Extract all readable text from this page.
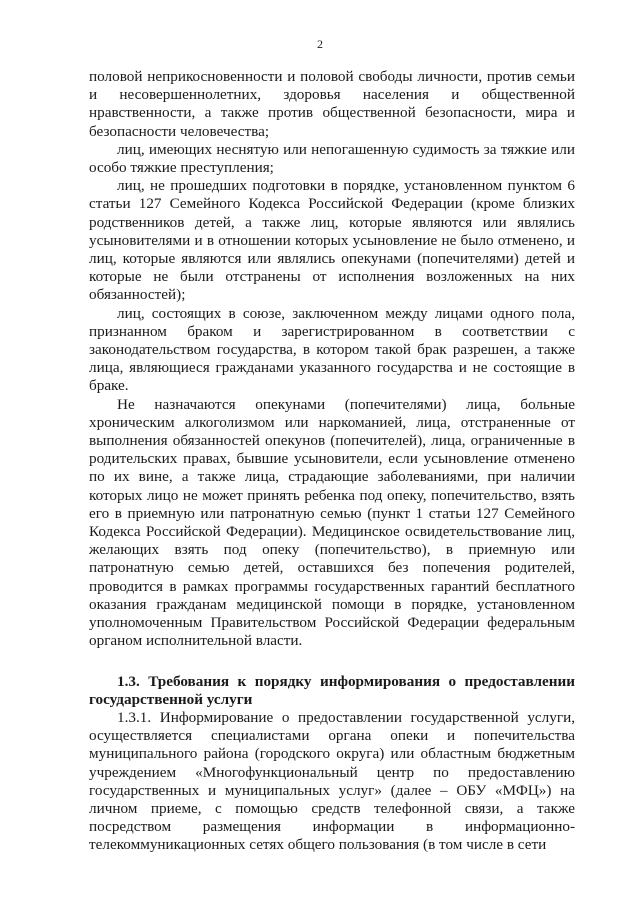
2

половой неприкосновенности и половой свободы личности, против семьи и несовершеннолетних, здоровья населения и общественной нравственности, а также против общественной безопасности, мира и безопасности человечества;

лиц, имеющих неснятую или непогашенную судимость за тяжкие или особо тяжкие преступления;

лиц, не прошедших подготовки в порядке, установленном пунктом 6 статьи 127 Семейного Кодекса Российской Федерации (кроме близких родственников детей, а также лиц, которые являются или являлись усыновителями и в отношении которых усыновление не было отменено, и лиц, которые являются или являлись опекунами (попечителями) детей и которые не были отстранены от исполнения возложенных на них обязанностей);

лиц, состоящих в союзе, заключенном между лицами одного пола, признанном браком и зарегистрированном в соответствии с законодательством государства, в котором такой брак разрешен, а также лица, являющиеся гражданами указанного государства и не состоящие в браке.

Не назначаются опекунами (попечителями) лица, больные хроническим алкоголизмом или наркоманией, лица, отстраненные от выполнения обязанностей опекунов (попечителей), лица, ограниченные в родительских правах, бывшие усыновители, если усыновление отменено по их вине, а также лица, страдающие заболеваниями, при наличии которых лицо не может принять ребенка под опеку, попечительство, взять его в приемную или патронатную семью (пункт 1 статьи 127 Семейного Кодекса Российской Федерации). Медицинское освидетельствование лиц, желающих взять под опеку (попечительство), в приемную или патронатную семью детей, оставшихся без попечения родителей, проводится в рамках программы государственных гарантий бесплатного оказания гражданам медицинской помощи в порядке, установленном уполномоченным Правительством Российской Федерации федеральным органом исполнительной власти.

1.3. Требования к порядку информирования о предоставлении государственной услуги

1.3.1. Информирование о предоставлении государственной услуги, осуществляется специалистами органа опеки и попечительства муниципального района (городского округа) или областным бюджетным учреждением «Многофункциональный центр по предоставлению государственных и муниципальных услуг» (далее – ОБУ «МФЦ») на личном приеме, с помощью средств телефонной связи, а также посредством размещения информации в информационно-телекоммуникационных сетях общего пользования (в том числе в сети
